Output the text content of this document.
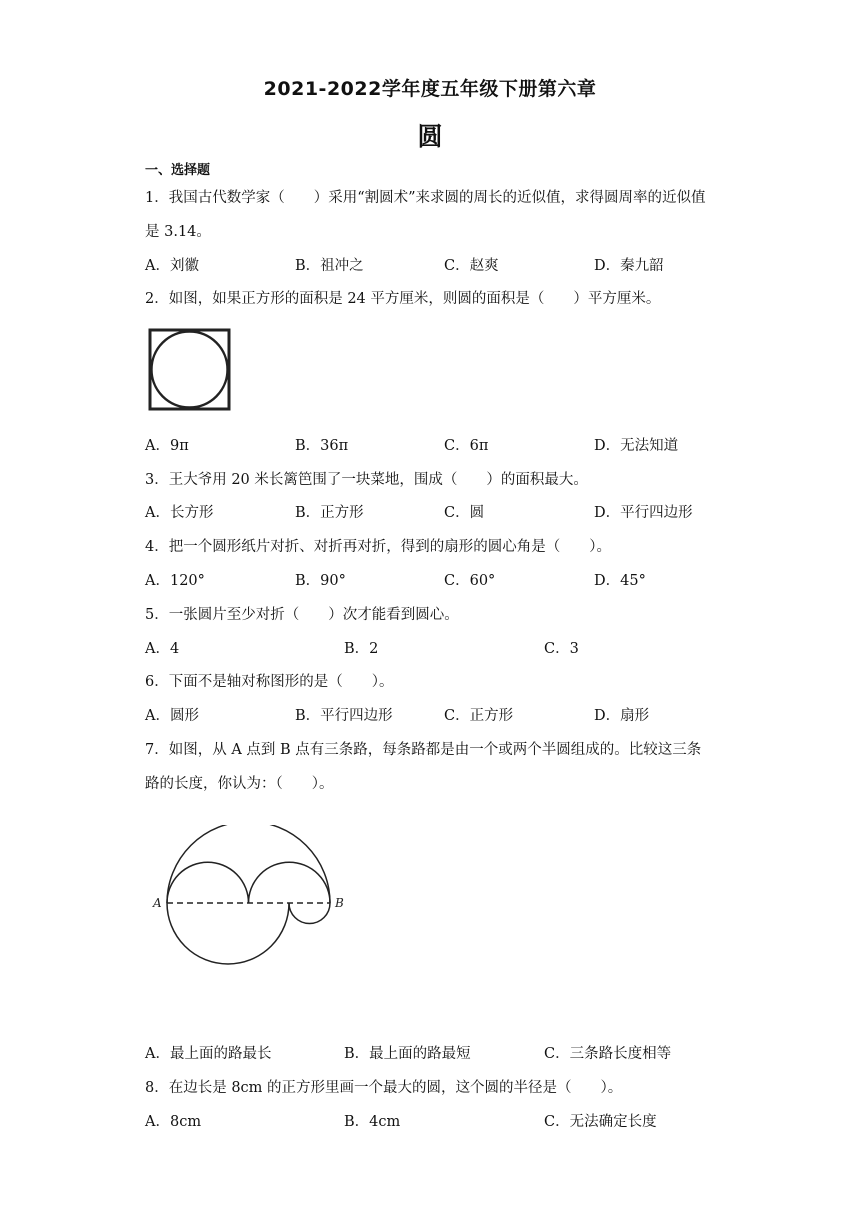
2021-2022学年度五年级下册第六章
圆
一、选择题
1．我国古代数学家（　　）采用“割圆术”来求圆的周长的近似值，求得圆周率的近似值
是 3.14。
A．刘徽	B．祖冲之	C．赵爽	D．秦九韶
2．如图，如果正方形的面积是 24 平方厘米，则圆的面积是（　　）平方厘米。
A．9π	B．36π	C．6π	D．无法知道
3．王大爷用 20 米长篱笆围了一块菜地，围成（　　）的面积最大。
A．长方形	B．正方形	C．圆	D．平行四边形
4．把一个圆形纸片对折、对折再对折，得到的扇形的圆心角是（　　）。
A．120°	B．90°	C．60°	D．45°
5．一张圆片至少对折（　　）次才能看到圆心。
A．4	B．2	C．3
6．下面不是轴对称图形的是（　　）。
A．圆形	B．平行四边形	C．正方形	D．扇形
7．如图，从 A 点到 B 点有三条路，每条路都是由一个或两个半圆组成的。比较这三条
路的长度，你认为：（　　）。
A	B
A．最上面的路最长	B．最上面的路最短	C．三条路长度相等
8．在边长是 8cm 的正方形里画一个最大的圆，这个圆的半径是（　　）。
A．8cm	B．4cm	C．无法确定长度
